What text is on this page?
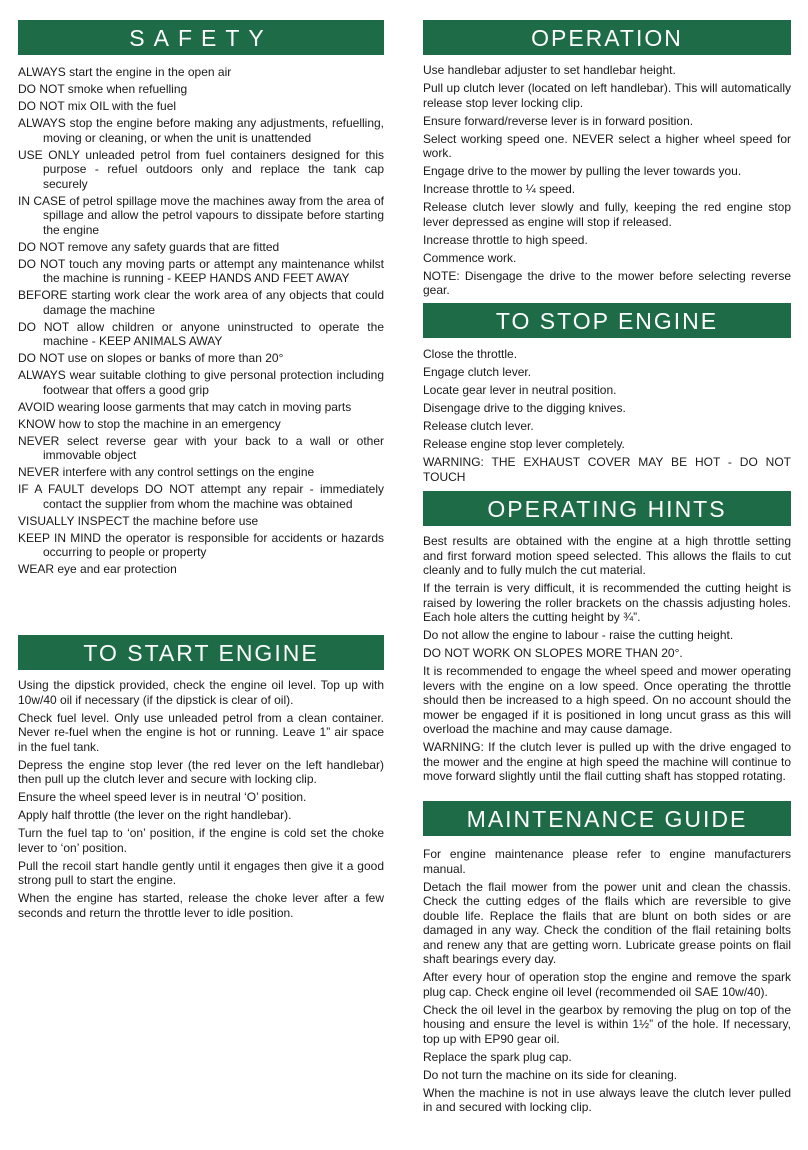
SAFETY

ALWAYS start the engine in the open air

DO NOT smoke when refuelling

DO NOT mix OIL with the fuel

ALWAYS stop the engine before making any adjustments, refuelling, moving or cleaning, or when the unit is unattended

USE ONLY unleaded petrol from fuel containers designed for this purpose - refuel outdoors only and replace the tank cap securely

IN CASE of petrol spillage move the machines away from the area of spillage and allow the petrol vapours to dissipate before starting the engine

DO NOT remove any safety guards that are fitted

DO NOT touch any moving parts or attempt any maintenance whilst the machine is running - KEEP HANDS AND FEET AWAY

BEFORE starting work clear the work area of any objects that could damage the machine

DO NOT allow children or anyone uninstructed to operate the machine - KEEP ANIMALS AWAY

DO NOT use on slopes or banks of more than 20°

ALWAYS wear suitable clothing to give personal protection including footwear that offers a good grip

AVOID wearing loose garments that may catch in moving parts

KNOW how to stop the machine in an emergency

NEVER select reverse gear with your back to a wall or other immovable object

NEVER interfere with any control settings on the engine

IF A FAULT develops DO NOT attempt any repair - immediately contact the supplier from whom the machine was obtained

VISUALLY INSPECT the machine before use

KEEP IN MIND the operator is responsible for accidents or hazards occurring to people or property

WEAR eye and ear protection

TO START ENGINE

Using the dipstick provided, check the engine oil level. Top up with 10w/40 oil if necessary (if the dipstick is clear of oil).

Check fuel level. Only use unleaded petrol from a clean container. Never re-fuel when the engine is hot or running. Leave 1” air space in the fuel tank.

Depress the engine stop lever (the red lever on the left handlebar) then pull up the clutch lever and secure with locking clip.

Ensure the wheel speed lever is in neutral ‘O’ position.

Apply half throttle (the lever on the right handlebar).

Turn the fuel tap to ‘on’ position, if the engine is cold set the choke lever to ‘on’ position.

Pull the recoil start handle gently until it engages then give it a good strong pull to start the engine.

When the engine has started, release the choke lever after a few seconds and return the throttle lever to idle position.

OPERATION

Use handlebar adjuster to set handlebar height.

Pull up clutch lever (located on left handlebar). This will automatically release stop lever locking clip.

Ensure forward/reverse lever is in forward position.

Select working speed one. NEVER select a higher wheel speed for work.

Engage drive to the mower by pulling the lever towards you.

Increase throttle to ¼ speed.

Release clutch lever slowly and fully, keeping the red engine stop lever depressed as engine will stop if released.

Increase throttle to high speed.

Commence work.

NOTE: Disengage the drive to the mower before selecting reverse gear.

TO STOP ENGINE

Close the throttle.

Engage clutch lever.

Locate gear lever in neutral position.

Disengage drive to the digging knives.

Release clutch lever.

Release engine stop lever completely.

WARNING: THE EXHAUST COVER MAY BE HOT - DO NOT TOUCH

OPERATING HINTS

Best results are obtained with the engine at a high throttle setting and first forward motion speed selected. This allows the flails to cut cleanly and to fully mulch the cut material.

If the terrain is very difficult, it is recommended the cutting height is raised by lowering the roller brackets on the chassis adjusting holes. Each hole alters the cutting height by ¾”.

Do not allow the engine to labour - raise the cutting height.

DO NOT WORK ON SLOPES MORE THAN 20°.

It is recommended to engage the wheel speed and mower operating levers with the engine on a low speed. Once operating the throttle should then be increased to a high speed. On no account should the mower be engaged if it is positioned in long uncut grass as this will overload the machine and may cause damage.

WARNING: If the clutch lever is pulled up with the drive engaged to the mower and the engine at high speed the machine will continue to move forward slightly until the flail cutting shaft has stopped rotating.

MAINTENANCE GUIDE

For engine maintenance please refer to engine manufacturers manual.

Detach the flail mower from the power unit and clean the chassis. Check the cutting edges of the flails which are reversible to give double life. Replace the flails that are blunt on both sides or are damaged in any way. Check the condition of the flail retaining bolts and renew any that are getting worn. Lubricate grease points on flail shaft bearings every day.

After every hour of operation stop the engine and remove the spark plug cap. Check engine oil level (recommended oil SAE 10w/40).

Check the oil level in the gearbox by removing the plug on top of the housing and ensure the level is within 1½” of the hole. If necessary, top up with EP90 gear oil.

Replace the spark plug cap.

Do not turn the machine on its side for cleaning.

When the machine is not in use always leave the clutch lever pulled in and secured with locking clip.
